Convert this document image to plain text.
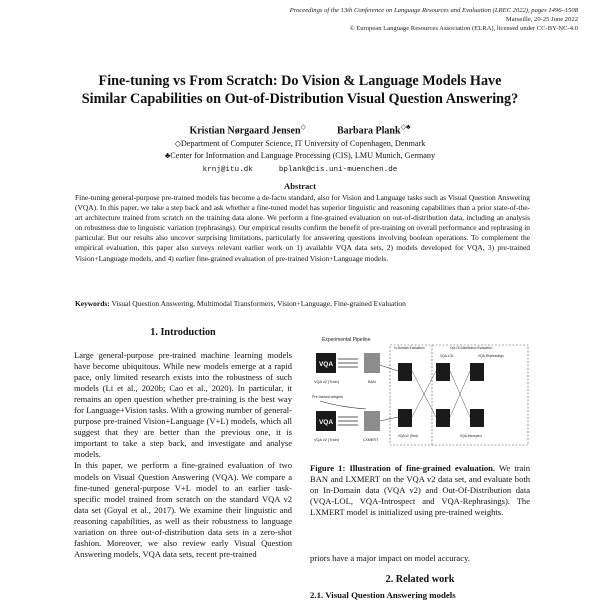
Proceedings of the 13th Conference on Language Resources and Evaluation (LREC 2022), pages 1496–1508
Marseille, 20-25 June 2022
© European Language Resources Association (ELRA), licensed under CC-BY-NC-4.0
Fine-tuning vs From Scratch: Do Vision & Language Models Have
Similar Capabilities on Out-of-Distribution Visual Question Answering?
Kristian Nørgaard Jensen◇	Barbara Plank◇♣
◇Department of Computer Science, IT University of Copenhagen, Denmark
♣Center for Information and Language Processing (CIS), LMU Munich, Germany
krnj@itu.dk	bplank@cis.uni-muenchen.de
Abstract
Fine-tuning general-purpose pre-trained models has become a de-facto standard, also for Vision and Language tasks such as Visual Question Answering (VQA). In this paper, we take a step back and ask whether a fine-tuned model has superior linguistic and reasoning capabilities than a prior state-of-the-art architecture trained from scratch on the training data alone. We perform a fine-grained evaluation on out-of-distribution data, including an analysis on robustness due to linguistic variation (rephrasings). Our empirical results confirm the benefit of pre-training on overall performance and rephrasing in particular. But our results also uncover surprising limitations, particularly for answering questions involving boolean operations. To complement the empirical evaluation, this paper also surveys relevant earlier work on 1) available VQA data sets, 2) models developed for VQA, 3) pre-trained Vision+Language models, and 4) earlier fine-grained evaluation of pre-trained Vision+Language models.
Keywords: Visual Question Answering, Multimodal Transformers, Vision+Language, Fine-grained Evaluation
1. Introduction

Large general-purpose pre-trained machine learning models have become ubiquitous. While new models emerge at a rapid pace, only limited research exists into the robustness of such models (Li et al., 2020b; Cao et al., 2020). In particular, it remains an open question whether pre-training is the best way for Language+Vision tasks. With a growing number of general-purpose pre-trained Vision+Language (V+L) models, which all suggest that they are better than the previous one, it is important to take a step back, and investigate and analyse models.

In this paper, we perform a fine-grained evaluation of two models on Visual Question Answering (VQA). We compare a fine-tuned general-purpose V+L model to an earlier task-specific model trained from scratch on the standard VQA v2 data set (Goyal et al., 2017). We examine their linguistic and reasoning capabilities, as well as their robustness to language variation on three out-of-distribution data sets in a zero-shot fashion. Moreover, we also review early Visual Question Answering models, VQA data sets, recent pre-trained

Experimental Pipeline
VQA
VQA v2 (Train)	BAN
Pre-trained weights
VQA
VQA v2 (Train)	LXMERT
In-Domain Evaluation	Out-Of-Distribution Evaluation
VQA-LOL	VQA-Rephrasings
VQA v2 (Test)	VQA-Introspect
Figure 1: Illustration of fine-grained evaluation. We train BAN and LXMERT on the VQA v2 data set, and evaluate both on In-Domain data (VQA v2) and Out-Of-Distribution data (VQA-LOL, VQA-Introspect and VQA-Rephrasings). The LXMERT model is initialized using pre-trained weights.
priors have a major impact on model accuracy.
2. Related work
2.1. Visual Question Answering models
